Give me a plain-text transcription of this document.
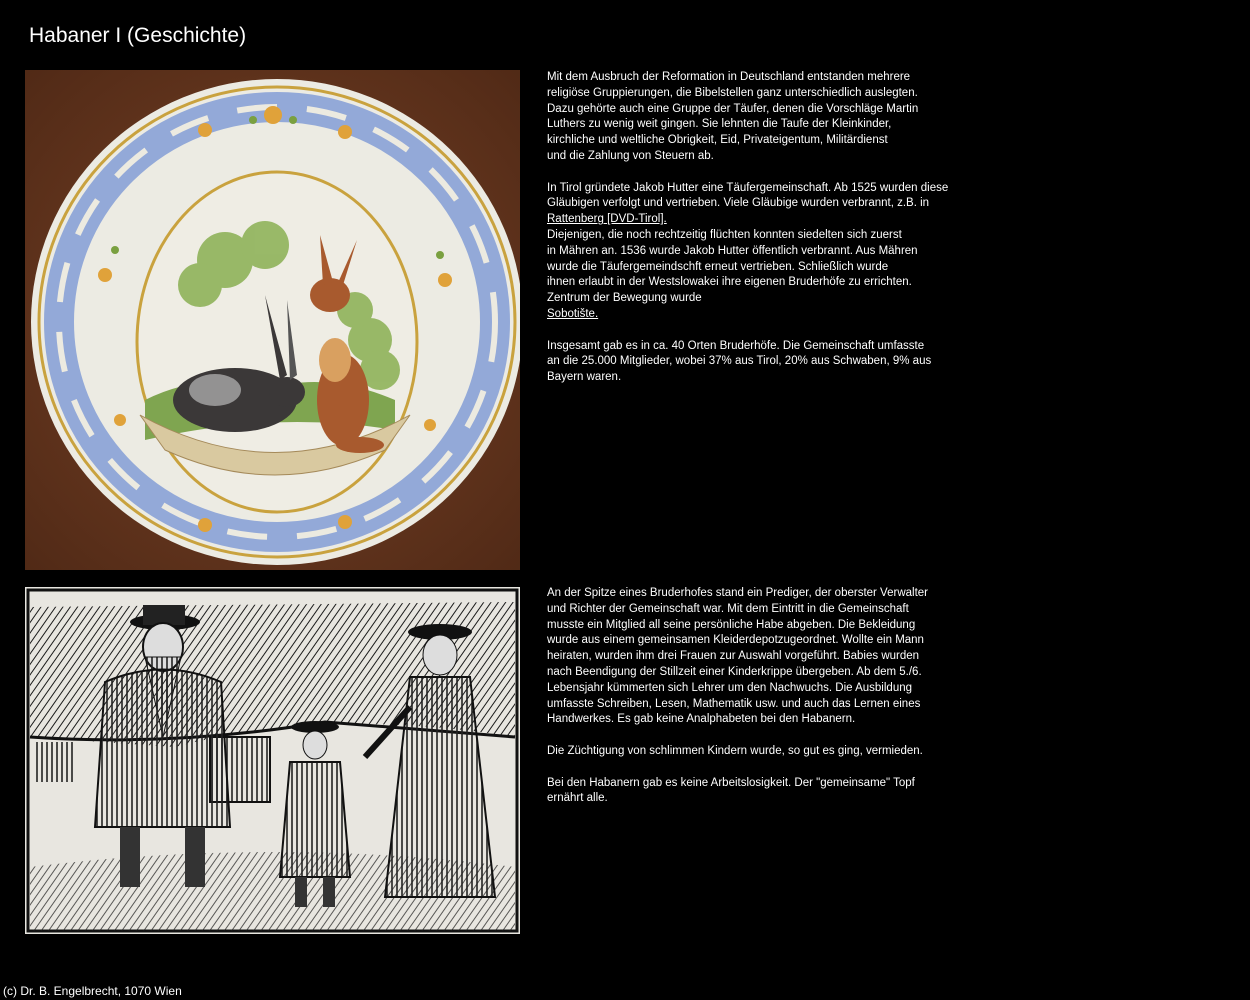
Habaner I (Geschichte)

Mit dem Ausbruch der Reformation in Deutschland entstanden mehrere
religiöse Gruppierungen, die Bibelstellen ganz unterschiedlich auslegten.
Dazu gehörte auch eine Gruppe der Täufer, denen die Vorschläge Martin
Luthers zu wenig weit gingen. Sie lehnten die Taufe der Kleinkinder,
kirchliche und weltliche Obrigkeit, Eid, Privateigentum, Militärdienst
und die Zahlung von Steuern ab.

In Tirol gründete Jakob Hutter eine Täufergemeinschaft. Ab 1525 wurden diese
Gläubigen verfolgt und vertrieben. Viele Gläubige wurden verbrannt, z.B. in
Rattenberg [DVD-Tirol].
Diejenigen, die noch rechtzeitig flüchten konnten siedelten sich zuerst
in Mähren an. 1536 wurde Jakob Hutter öffentlich verbrannt. Aus Mähren
wurde die Täufergemeindschft erneut vertrieben. Schließlich wurde
ihnen erlaubt in der Westslowakei ihre eigenen Bruderhöfe zu errichten.
Zentrum der Bewegung wurde
Sobotište.

Insgesamt gab es in ca. 40 Orten Bruderhöfe. Die Gemeinschaft umfasste
an die 25.000 Mitglieder, wobei 37% aus Tirol, 20% aus Schwaben, 9% aus
Bayern waren.

An der Spitze eines Bruderhofes stand ein Prediger, der oberster Verwalter
und Richter der Gemeinschaft war. Mit dem Eintritt in die Gemeinschaft
musste ein Mitglied all seine persönliche Habe abgeben. Die Bekleidung
wurde aus einem gemeinsamen Kleiderdepotzugeordnet. Wollte ein Mann
heiraten, wurden ihm drei Frauen zur Auswahl vorgeführt. Babies wurden
nach Beendigung der Stillzeit einer Kinderkrippe übergeben. Ab dem 5./6.
Lebensjahr kümmerten sich Lehrer um den Nachwuchs. Die Ausbildung
umfasste Schreiben, Lesen, Mathematik usw. und auch das Lernen eines
Handwerkes. Es gab keine Analphabeten bei den Habanern.

Die Züchtigung von schlimmen Kindern wurde, so gut es ging, vermieden.

Bei den Habanern gab es keine Arbeitslosigkeit. Der "gemeinsame" Topf
ernährt alle.

(c) Dr. B. Engelbrecht, 1070 Wien
